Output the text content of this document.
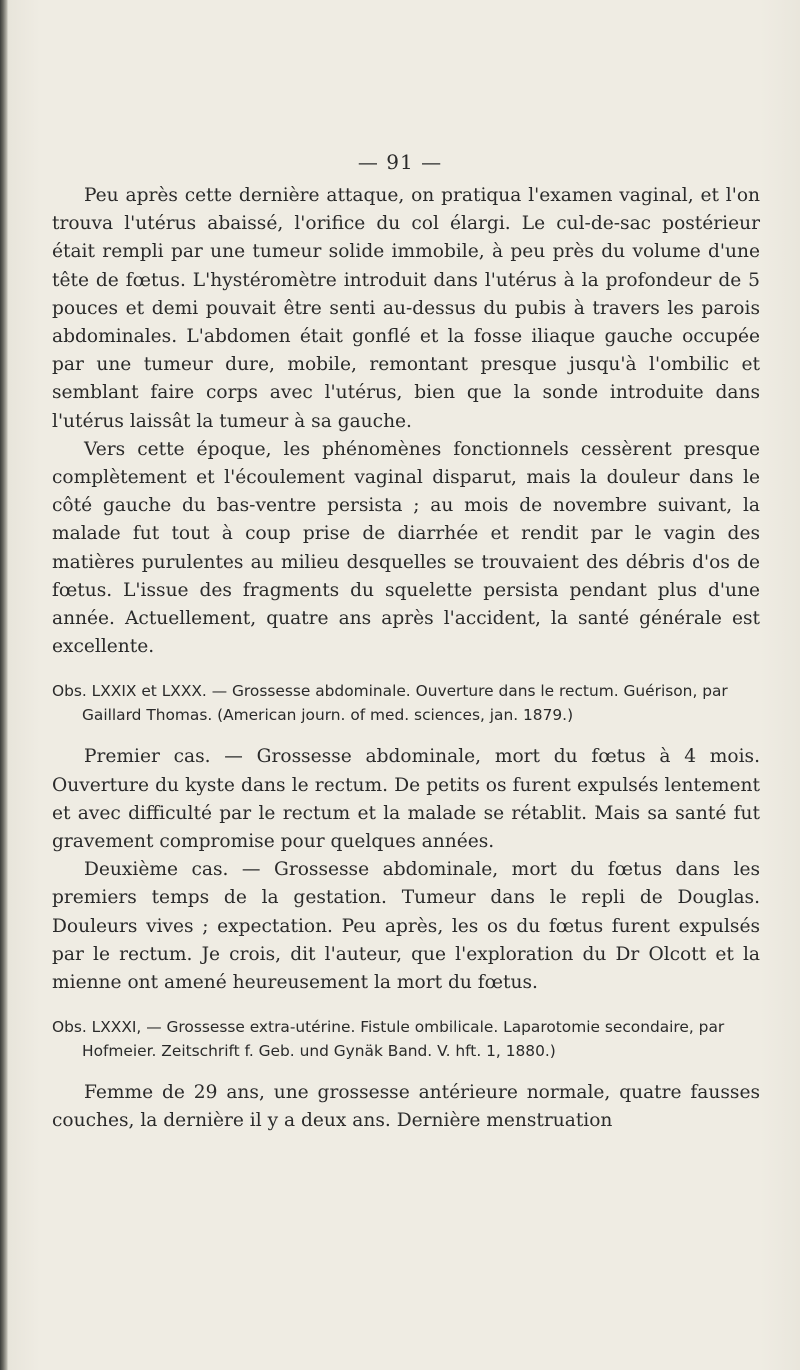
— 91 —

Peu après cette dernière attaque, on pratiqua l'examen vaginal, et l'on trouva l'utérus abaissé, l'orifice du col élargi. Le cul-de-sac postérieur était rempli par une tumeur solide immobile, à peu près du volume d'une tête de fœtus. L'hystéromètre introduit dans l'utérus à la profondeur de 5 pouces et demi pouvait être senti au-dessus du pubis à travers les parois abdominales. L'abdomen était gonflé et la fosse iliaque gauche occupée par une tumeur dure, mobile, remontant presque jusqu'à l'ombilic et semblant faire corps avec l'utérus, bien que la sonde introduite dans l'utérus laissât la tumeur à sa gauche.

Vers cette époque, les phénomènes fonctionnels cessèrent presque complètement et l'écoulement vaginal disparut, mais la douleur dans le côté gauche du bas-ventre persista ; au mois de novembre suivant, la malade fut tout à coup prise de diarrhée et rendit par le vagin des matières purulentes au milieu desquelles se trouvaient des débris d'os de fœtus. L'issue des fragments du squelette persista pendant plus d'une année. Actuellement, quatre ans après l'accident, la santé générale est excellente.

Obs. LXXIX et LXXX. — Grossesse abdominale. Ouverture dans le rectum. Guérison, par Gaillard Thomas. (American journ. of med. sciences, jan. 1879.)

Premier cas. — Grossesse abdominale, mort du fœtus à 4 mois. Ouverture du kyste dans le rectum. De petits os furent expulsés lentement et avec difficulté par le rectum et la malade se rétablit. Mais sa santé fut gravement compromise pour quelques années.

Deuxième cas. — Grossesse abdominale, mort du fœtus dans les premiers temps de la gestation. Tumeur dans le repli de Douglas. Douleurs vives ; expectation. Peu après, les os du fœtus furent expulsés par le rectum. Je crois, dit l'auteur, que l'exploration du Dr Olcott et la mienne ont amené heureusement la mort du fœtus.

Obs. LXXXI, — Grossesse extra-utérine. Fistule ombilicale. Laparotomie secondaire, par Hofmeier. Zeitschrift f. Geb. und Gynäk Band. V. hft. 1, 1880.)

Femme de 29 ans, une grossesse antérieure normale, quatre fausses couches, la dernière il y a deux ans. Dernière menstruation
